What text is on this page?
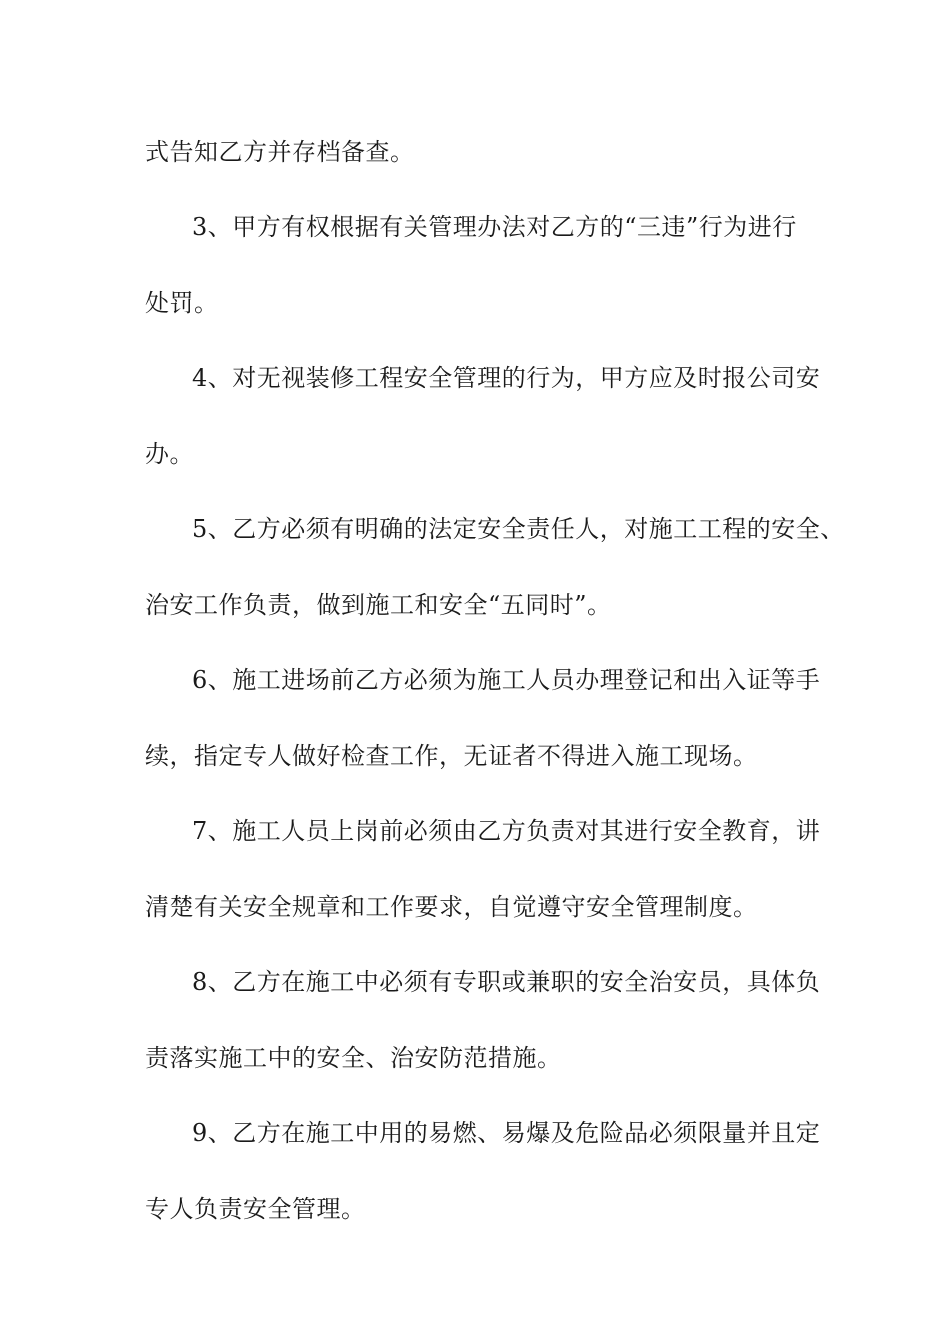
式告知乙方并存档备查。
3、甲方有权根据有关管理办法对乙方的“三违”行为进行
处罚。
4、对无视装修工程安全管理的行为，甲方应及时报公司安
办。
5、乙方必须有明确的法定安全责任人，对施工工程的安全、
治安工作负责，做到施工和安全“五同时”。
6、施工进场前乙方必须为施工人员办理登记和出入证等手
续，指定专人做好检查工作，无证者不得进入施工现场。
7、施工人员上岗前必须由乙方负责对其进行安全教育，讲
清楚有关安全规章和工作要求，自觉遵守安全管理制度。
8、乙方在施工中必须有专职或兼职的安全治安员，具体负
责落实施工中的安全、治安防范措施。
9、乙方在施工中用的易燃、易爆及危险品必须限量并且定
专人负责安全管理。
